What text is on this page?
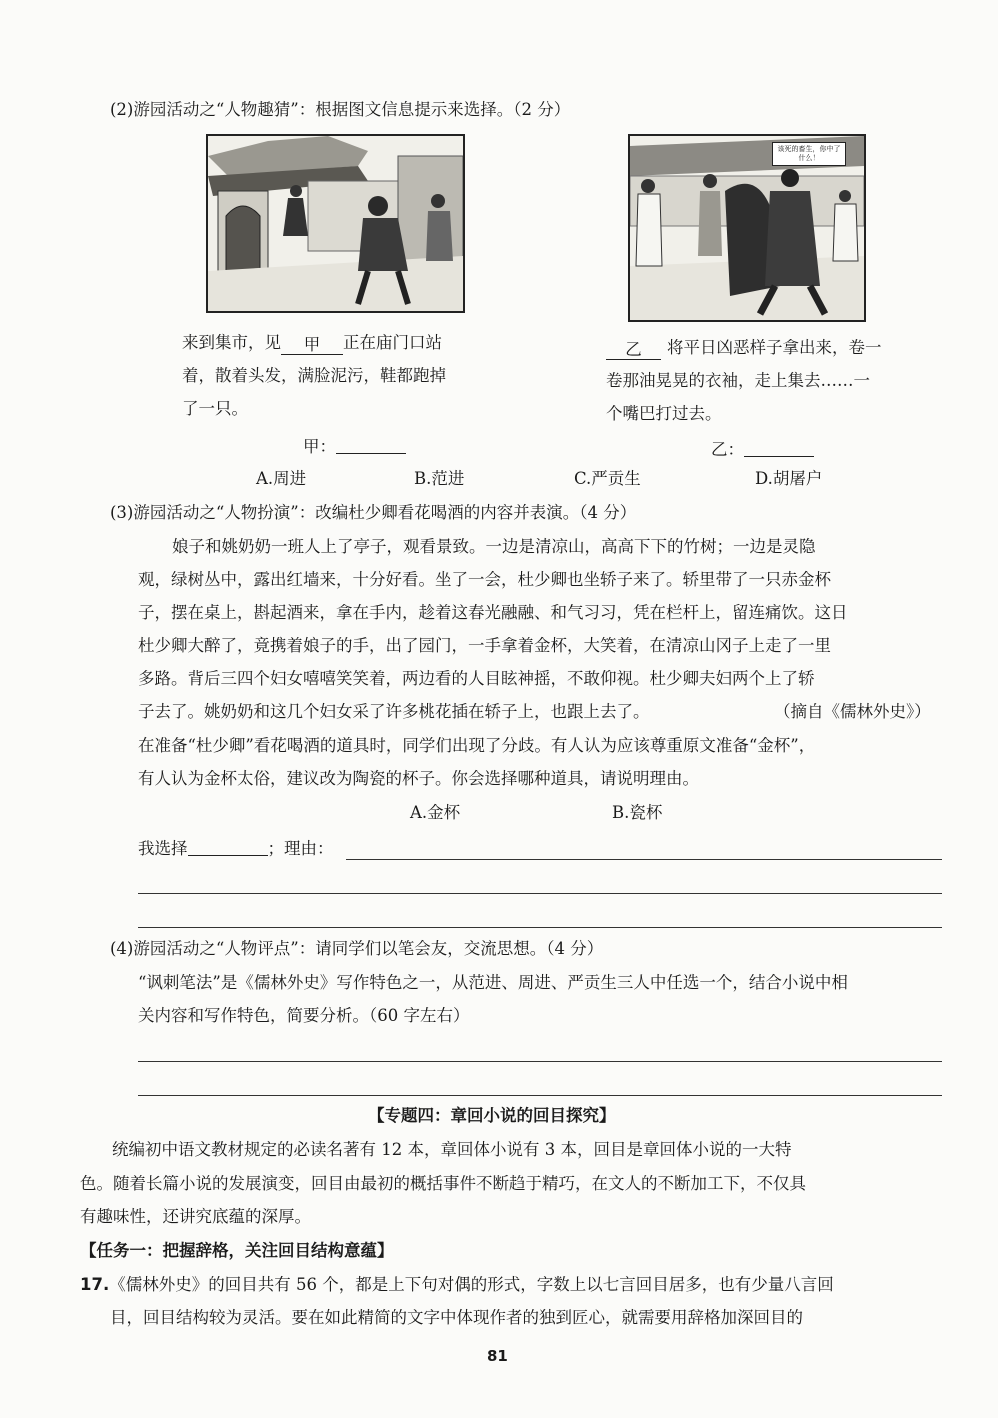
(2)游园活动之“人物趣猜”：根据图文信息提示来选择。（2 分）
该死的畜生，你中了什么！
来到集市，见 甲 正在庙门口站
着，散着头发，满脸泥污，鞋都跑掉
了一只。
乙 将平日凶恶样子拿出来，卷一
卷那油晃晃的衣袖，走上集去……一
个嘴巴打过去。
甲：	乙：
A.周进	B.范进	C.严贡生	D.胡屠户
(3)游园活动之“人物扮演”：改编杜少卿看花喝酒的内容并表演。（4 分）
娘子和姚奶奶一班人上了亭子，观看景致。一边是清凉山，高高下下的竹树；一边是灵隐
观，绿树丛中，露出红墙来，十分好看。坐了一会，杜少卿也坐轿子来了。轿里带了一只赤金杯
子，摆在桌上，斟起酒来，拿在手内，趁着这春光融融、和气习习，凭在栏杆上，留连痛饮。这日
杜少卿大醉了，竟携着娘子的手，出了园门，一手拿着金杯，大笑着，在清凉山冈子上走了一里
多路。背后三四个妇女嘻嘻笑笑着，两边看的人目眩神摇，不敢仰视。杜少卿夫妇两个上了轿
子去了。姚奶奶和这几个妇女采了许多桃花插在轿子上，也跟上去了。	（摘自《儒林外史》）
在准备“杜少卿”看花喝酒的道具时，同学们出现了分歧。有人认为应该尊重原文准备“金杯”，
有人认为金杯太俗，建议改为陶瓷的杯子。你会选择哪种道具，请说明理由。
A.金杯	B.瓷杯
我选择	；理由：
(4)游园活动之“人物评点”：请同学们以笔会友，交流思想。（4 分）
“讽刺笔法”是《儒林外史》写作特色之一，从范进、周进、严贡生三人中任选一个，结合小说中相
关内容和写作特色，简要分析。（60 字左右）
【专题四：章回小说的回目探究】
统编初中语文教材规定的必读名著有 12 本，章回体小说有 3 本，回目是章回体小说的一大特
色。随着长篇小说的发展演变，回目由最初的概括事件不断趋于精巧，在文人的不断加工下，不仅具
有趣味性，还讲究底蕴的深厚。
【任务一：把握辞格，关注回目结构意蕴】
17.《儒林外史》的回目共有 56 个，都是上下句对偶的形式，字数上以七言回目居多，也有少量八言回
目，回目结构较为灵活。要在如此精简的文字中体现作者的独到匠心，就需要用辞格加深回目的
81
